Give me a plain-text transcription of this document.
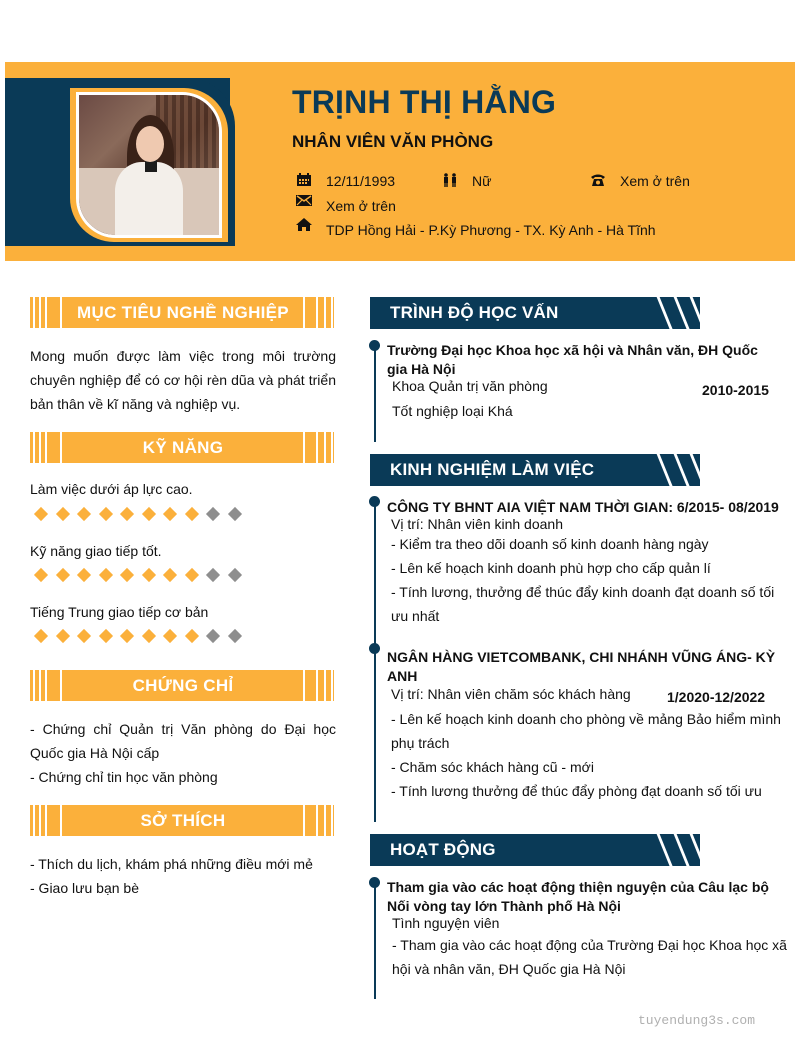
TRỊNH THỊ HẰNG
NHÂN VIÊN VĂN PHÒNG
12/11/1993	Nữ	Xem ở trên
Xem ở trên
TDP Hồng Hải - P.Kỳ Phương - TX. Kỳ Anh - Hà Tĩnh
MỤC TIÊU NGHỀ NGHIỆP
Mong muốn được làm việc trong môi trường chuyên nghiệp để có cơ hội rèn dũa và phát triển bản thân về kĩ năng và nghiệp vụ.
KỸ NĂNG
Làm việc dưới áp lực cao.
Kỹ năng giao tiếp tốt.
Tiếng Trung giao tiếp cơ bản
CHỨNG CHỈ
- Chứng chỉ Quản trị Văn phòng do Đại học Quốc gia Hà Nội cấp
- Chứng chỉ tin học văn phòng
SỞ THÍCH
- Thích du lịch, khám phá những điều mới mẻ
- Giao lưu bạn bè
TRÌNH ĐỘ HỌC VẤN
Trường Đại học Khoa học xã hội và Nhân văn, ĐH Quốc gia Hà Nội
Khoa Quản trị văn phòng	2010-2015
Tốt nghiệp loại Khá
KINH NGHIỆM LÀM VIỆC
CÔNG TY BHNT AIA VIỆT NAM THỜI GIAN: 6/2015- 08/2019
Vị trí: Nhân viên kinh doanh
- Kiểm tra theo dõi doanh số kinh doanh hàng ngày
- Lên kế hoạch kinh doanh phù hợp cho cấp quản lí
- Tính lương, thưởng để thúc đẩy kinh doanh đạt doanh số tối
ưu nhất
NGÂN HÀNG VIETCOMBANK, CHI NHÁNH VŨNG ÁNG- KỲ ANH
Vị trí: Nhân viên chăm sóc khách hàng	1/2020-12/2022
- Lên kế hoạch kinh doanh cho phòng về mảng Bảo hiểm mình
phụ trách
- Chăm sóc khách hàng cũ - mới
- Tính lương thưởng để thúc đẩy phòng đạt doanh số tối ưu
HOẠT ĐỘNG
Tham gia vào các hoạt động thiện nguyện của Câu lạc bộ Nối vòng tay lớn Thành phố Hà Nội
Tình nguyện viên
- Tham gia vào các hoạt động của Trường Đại học Khoa học xã
hội và nhân văn, ĐH Quốc gia Hà Nội
tuyendung3s.com
